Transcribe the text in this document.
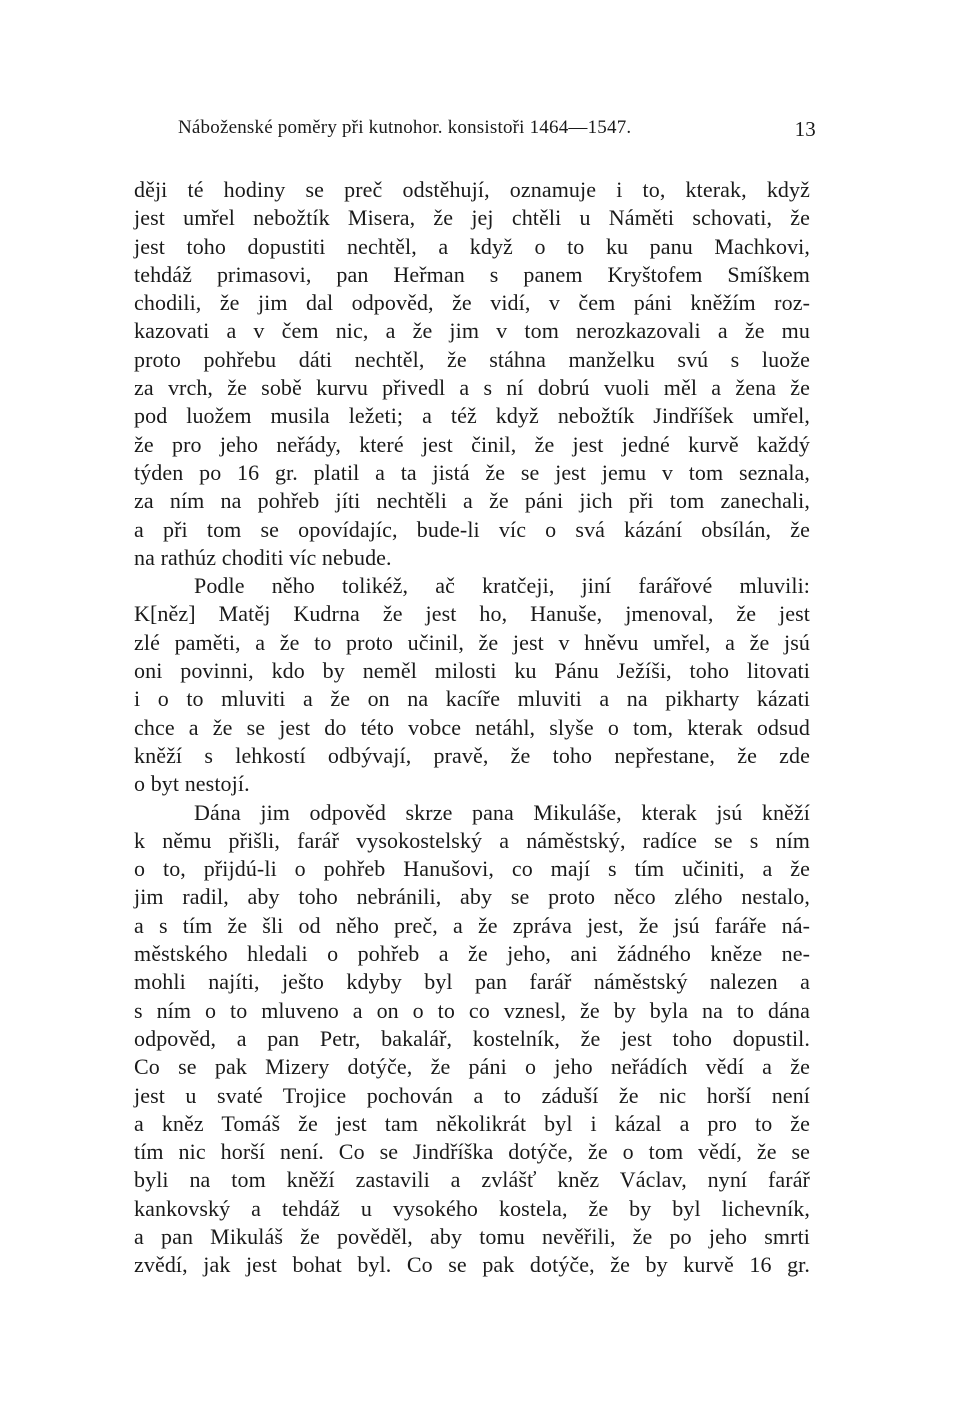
Náboženské poměry při kutnohor. konsistoři 1464—1547.	13
ději té hodiny se preč odstěhují, oznamuje i to, kterak, když
jest umřel nebožtík Misera, že jej chtěli u Náměti schovati, že
jest toho dopustiti nechtěl, a když o to ku panu Machkovi,
tehdáž primasovi, pan Heřman s panem Kryštofem Smíškem
chodili, že jim dal odpověd, že vidí, v čem páni kněžím roz-
kazovati a v čem nic, a že jim v tom nerozkazovali a že mu
proto pohřebu dáti nechtěl, že stáhna manželku svú s luože
za vrch, že sobě kurvu přivedl a s ní dobrú vuoli měl a žena že
pod luožem musila ležeti; a též když nebožtík Jindříšek umřel,
že pro jeho neřády, které jest činil, že jest jedné kurvě každý
týden po 16 gr. platil a ta jistá že se jest jemu v tom seznala,
za ním na pohřeb jíti nechtěli a že páni jich při tom zanechali,
a při tom se opovídajíc, bude-li víc o svá kázání obsílán, že
na rathúz choditi víc nebude.
Podle něho tolikéž, ač kratčeji, jiní farářové mluvili:
K[něz] Matěj Kudrna že jest ho, Hanuše, jmenoval, že jest
zlé paměti, a že to proto učinil, že jest v hněvu umřel, a že jsú
oni povinni, kdo by neměl milosti ku Pánu Ježíši, toho litovati
i o to mluviti a že on na kacíře mluviti a na pikharty kázati
chce a že se jest do této vobce netáhl, slyše o tom, kterak odsud
kněží s lehkostí odbývají, pravě, že toho nepřestane, že zde
o byt nestojí.
Dána jim odpověd skrze pana Mikuláše, kterak jsú kněží
k němu přišli, farář vysokostelský a náměstský, radíce se s ním
o to, přijdú-li o pohřeb Hanušovi, co mají s tím učiniti, a že
jim radil, aby toho nebránili, aby se proto něco zlého nestalo,
a s tím že šli od něho preč, a že zpráva jest, že jsú faráře ná-
městského hledali o pohřeb a že jeho, ani žádného kněze ne-
mohli najíti, ješto kdyby byl pan farář náměstský nalezen a
s ním o to mluveno a on o to co vznesl, že by byla na to dána
odpověd, a pan Petr, bakalář, kostelník, že jest toho dopustil.
Co se pak Mizery dotýče, že páni o jeho neřádích vědí a že
jest u svaté Trojice pochován a to záduší že nic horší není
a kněz Tomáš že jest tam několikrát byl i kázal a pro to že
tím nic horší není. Co se Jindříška dotýče, že o tom vědí, že se
byli na tom kněží zastavili a zvlášť kněz Václav, nyní farář
kankovský a tehdáž u vysokého kostela, že by byl lichevník,
a pan Mikuláš že pověděl, aby tomu nevěřili, že po jeho smrti
zvědí, jak jest bohat byl. Co se pak dotýče, že by kurvě 16 gr.
